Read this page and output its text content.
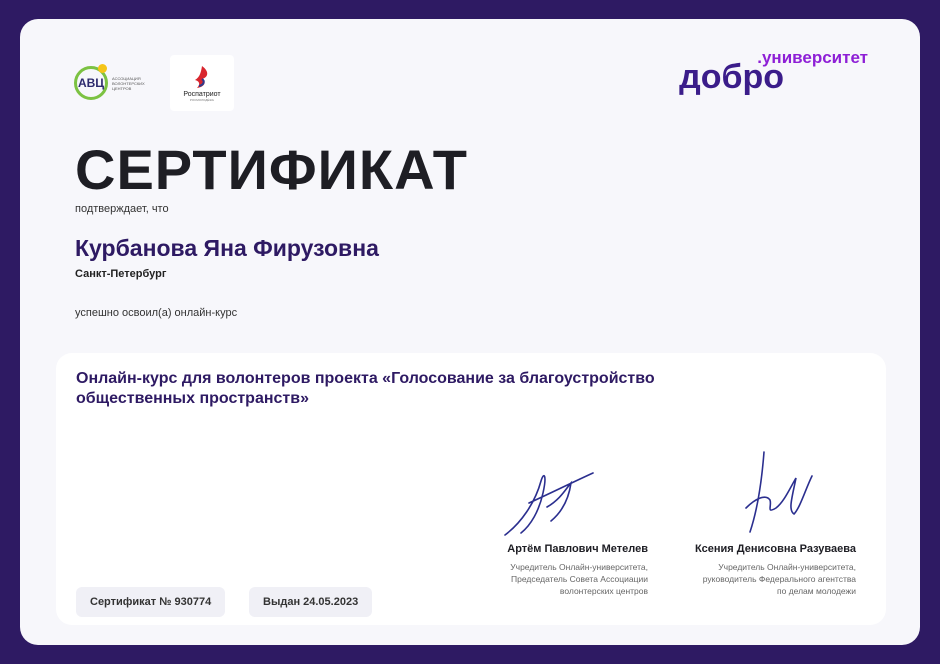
АВЦ АССОЦИАЦИЯ ВОЛОНТЕРСКИХ ЦЕНТРОВ
Роспатриот
РОСМОЛОДЁЖЬ
.университет
добро
СЕРТИФИКАТ
подтверждает, что
Курбанова Яна Фирузовна
Санкт-Петербург
успешно освоил(а) онлайн-курс
Онлайн-курс для волонтеров проекта «Голосование за благоустройство общественных пространств»
Артём Павлович Метелев
Учредитель Онлайн-университета,
Председатель Совета Ассоциации
волонтерских центров
Ксения Денисовна Разуваева
Учредитель Онлайн-университета,
руководитель Федерального агентства
по делам молодежи
Сертификат № 930774	Выдан 24.05.2023
